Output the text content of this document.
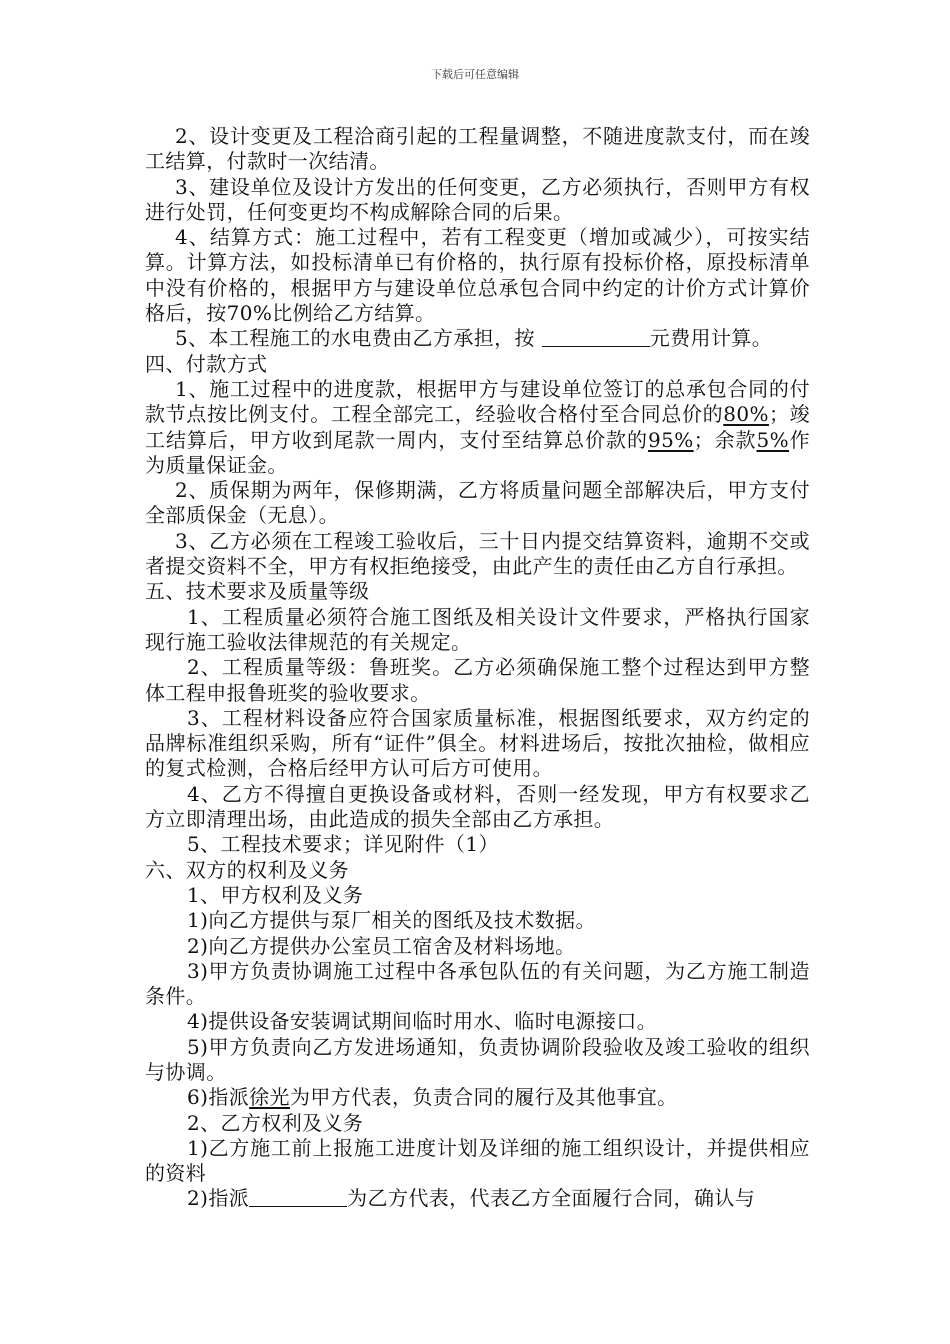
下载后可任意编辑

2、设计变更及工程洽商引起的工程量调整，不随进度款支付，而在竣工结算，付款时一次结清。

3、建设单位及设计方发出的任何变更，乙方必须执行，否则甲方有权进行处罚，任何变更均不构成解除合同的后果。

4、结算方式：施工过程中，若有工程变更（增加或减少），可按实结算。计算方法，如投标清单已有价格的，执行原有投标价格，原投标清单中没有价格的，根据甲方与建设单位总承包合同中约定的计价方式计算价格后，按70%比例给乙方结算。

5、本工程施工的水电费由乙方承担，按	元费用计算。

四、付款方式

1、施工过程中的进度款，根据甲方与建设单位签订的总承包合同的付款节点按比例支付。工程全部完工，经验收合格付至合同总价的80%；竣工结算后，甲方收到尾款一周内，支付至结算总价款的95%；余款5%作为质量保证金。

2、质保期为两年，保修期满，乙方将质量问题全部解决后，甲方支付全部质保金（无息）。

3、乙方必须在工程竣工验收后，三十日内提交结算资料，逾期不交或者提交资料不全，甲方有权拒绝接受，由此产生的责任由乙方自行承担。

五、技术要求及质量等级

1、工程质量必须符合施工图纸及相关设计文件要求，严格执行国家现行施工验收法律规范的有关规定。

2、工程质量等级：鲁班奖。乙方必须确保施工整个过程达到甲方整体工程申报鲁班奖的验收要求。

3、工程材料设备应符合国家质量标准，根据图纸要求，双方约定的品牌标准组织采购，所有“证件”俱全。材料进场后，按批次抽检，做相应的复式检测，合格后经甲方认可后方可使用。

4、乙方不得擅自更换设备或材料，否则一经发现，甲方有权要求乙方立即清理出场，由此造成的损失全部由乙方承担。

5、工程技术要求；详见附件（1）

六、双方的权利及义务

1、甲方权利及义务

1)向乙方提供与泵厂相关的图纸及技术数据。

2)向乙方提供办公室员工宿舍及材料场地。

3)甲方负责协调施工过程中各承包队伍的有关问题，为乙方施工制造条件。

4)提供设备安装调试期间临时用水、临时电源接口。

5)甲方负责向乙方发进场通知，负责协调阶段验收及竣工验收的组织与协调。

6)指派徐光为甲方代表，负责合同的履行及其他事宜。

2、乙方权利及义务

1)乙方施工前上报施工进度计划及详细的施工组织设计，并提供相应的资料

2)指派	为乙方代表，代表乙方全面履行合同，确认与
